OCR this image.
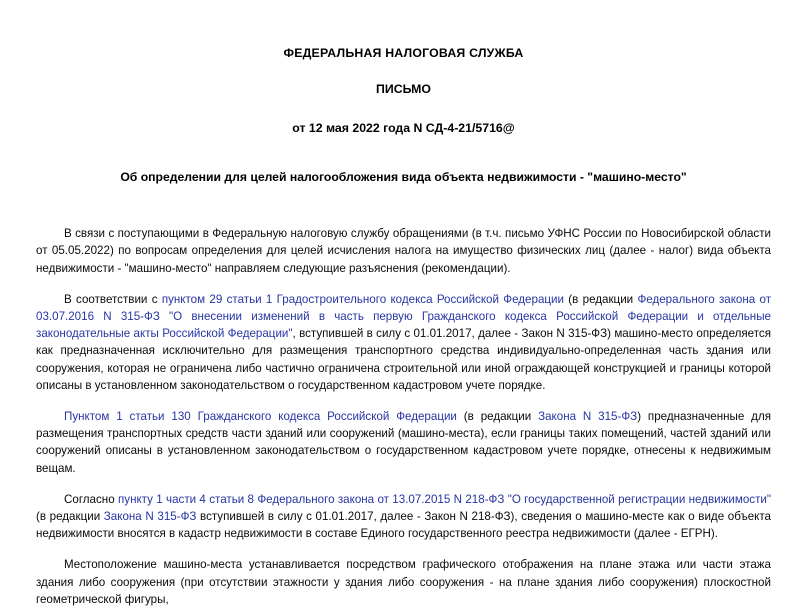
ФЕДЕРАЛЬНАЯ НАЛОГОВАЯ СЛУЖБА
ПИСЬМО
от 12 мая 2022 года N СД-4-21/5716@
Об определении для целей налогообложения вида объекта недвижимости - "машино-место"

В связи с поступающими в Федеральную налоговую службу обращениями (в т.ч. письмо УФНС России по Новосибирской области от 05.05.2022) по вопросам определения для целей исчисления налога на имущество физических лиц (далее - налог) вида объекта недвижимости - "машино-место" направляем следующие разъяснения (рекомендации).

В соответствии с пунктом 29 статьи 1 Градостроительного кодекса Российской Федерации (в редакции Федерального закона от 03.07.2016 N 315-ФЗ "О внесении изменений в часть первую Гражданского кодекса Российской Федерации и отдельные законодательные акты Российской Федерации", вступившей в силу с 01.01.2017, далее - Закон N 315-ФЗ) машино-место определяется как предназначенная исключительно для размещения транспортного средства индивидуально-определенная часть здания или сооружения, которая не ограничена либо частично ограничена строительной или иной ограждающей конструкцией и границы которой описаны в установленном законодательством о государственном кадастровом учете порядке.

Пунктом 1 статьи 130 Гражданского кодекса Российской Федерации (в редакции Закона N 315-ФЗ) предназначенные для размещения транспортных средств части зданий или сооружений (машино-места), если границы таких помещений, частей зданий или сооружений описаны в установленном законодательством о государственном кадастровом учете порядке, отнесены к недвижимым вещам.

Согласно пункту 1 части 4 статьи 8 Федерального закона от 13.07.2015 N 218-ФЗ "О государственной регистрации недвижимости" (в редакции Закона N 315-ФЗ вступившей в силу с 01.01.2017, далее - Закон N 218-ФЗ), сведения о машино-месте как о виде объекта недвижимости вносятся в кадастр недвижимости в составе Единого государственного реестра недвижимости (далее - ЕГРН).

Местоположение машино-места устанавливается посредством графического отображения на плане этажа или части этажа здания либо сооружения (при отсутствии этажности у здания либо сооружения - на плане здания либо сооружения) плоскостной геометрической фигуры,
